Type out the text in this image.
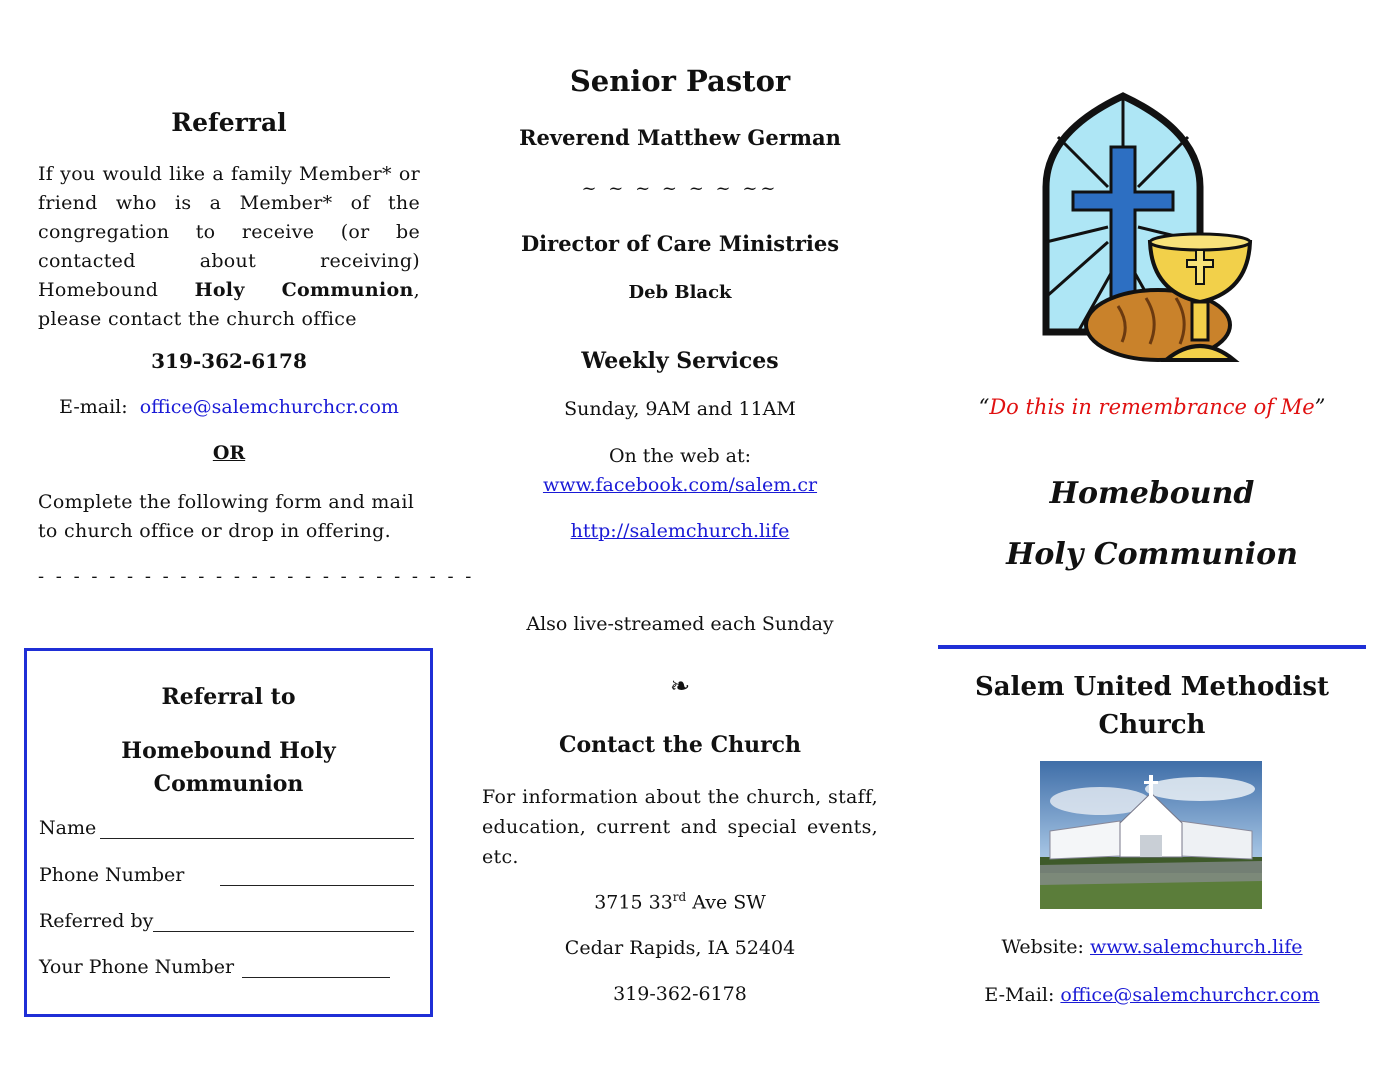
Referral
If you would like a family Member* or friend who is a Member* of the congregation to receive (or be contacted about receiving) Homebound Holy Communion, please contact the church office
319-362-6178
E-mail: office@salemchurchcr.com
OR
Complete the following form and mail to church office or drop in offering.
- - - - - - - - - - - - - - - - - - - - - - - - -
Referral to
Homebound Holy Communion
Name
Phone Number
Referred by
Your Phone Number
Senior Pastor
Reverend Matthew German
~ ~ ~ ~ ~ ~ ~~
Director of Care Ministries
Deb Black
Weekly Services
Sunday, 9AM and 11AM
On the web at:
www.facebook.com/salem.cr
http://salemchurch.life
Also live-streamed each Sunday
❧
Contact the Church
For information about the church, staff, education, current and special events, etc.
3715 33rd Ave SW
Cedar Rapids, IA 52404
319-362-6178
“Do this in remembrance of Me”
Homebound
Holy Communion
Salem United Methodist Church
Website: www.salemchurch.life
E-Mail: office@salemchurchcr.com
